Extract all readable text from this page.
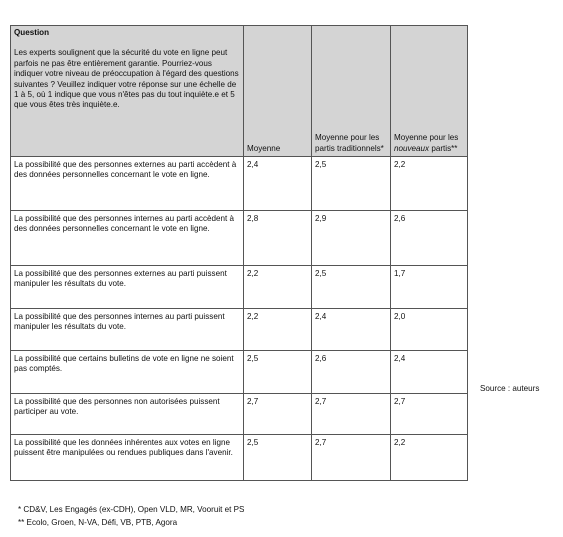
Question
Les experts soulignent que la sécurité du vote en ligne peut parfois ne pas être entièrement garantie. Pourriez-vous indiquer votre niveau de préoccupation à l'égard des questions suivantes ? Veuillez indiquer votre réponse sur une échelle de 1 à 5, où 1 indique que vous n'êtes pas du tout inquiète.e et 5 que vous êtes très inquiète.e.	Moyenne	Moyenne pour les partis traditionnels*	Moyenne pour les nouveaux partis**
La possibilité que des personnes externes au parti accèdent à des données personnelles concernant le vote en ligne.	2,4	2,5	2,2
La possibilité que des personnes internes au parti accèdent à des données personnelles concernant le vote en ligne.	2,8	2,9	2,6
La possibilité que des personnes externes au parti puissent manipuler les résultats du vote.	2,2	2,5	1,7
La possibilité que des personnes internes au parti puissent manipuler les résultats du vote.	2,2	2,4	2,0
La possibilité que certains bulletins de vote en ligne ne soient pas comptés.	2,5	2,6	2,4
La possibilité que des personnes non autorisées puissent participer au vote.	2,7	2,7	2,7
La possibilité que les données inhérentes aux votes en ligne puissent être manipulées ou rendues publiques dans l'avenir.	2,5	2,7	2,2
Source : auteurs
* CD&V, Les Engagés (ex-CDH), Open VLD, MR, Vooruit et PS
** Ecolo, Groen, N-VA, Défi, VB, PTB, Agora
